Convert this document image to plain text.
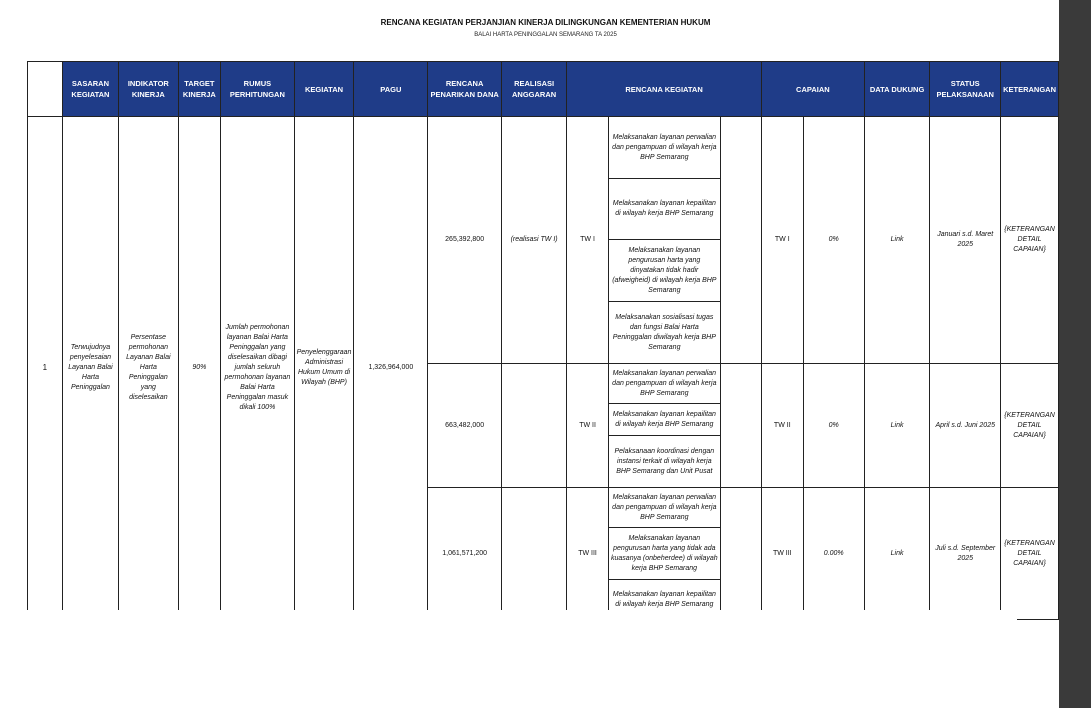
RENCANA KEGIATAN PERJANJIAN KINERJA DILINGKUNGAN KEMENTERIAN HUKUM
BALAI HARTA PENINGGALAN SEMARANG TA 2025
	SASARAN KEGIATAN	INDIKATOR KINERJA	TARGET KINERJA	RUMUS PERHITUNGAN	KEGIATAN	PAGU	RENCANA PENARIKAN DANA	REALISASI ANGGARAN	RENCANA KEGIATAN			CAPAIAN		DATA DUKUNG	STATUS PELAKSANAAN	KETERANGAN
1	Terwujudnya penyelesaian Layanan Balai Harta Peninggalan	Persentase permohonan Layanan Balai Harta Peninggalan yang diselesaikan	90%	Jumlah permohonan layanan Balai Harta Peninggalan yang diselesaikan dibagi jumlah seluruh permohonan layanan Balai Harta Peninggalan masuk dikali 100%	Penyelenggaraan Administrasi Hukum Umum di Wilayah (BHP)	1,326,964,000	265,392,800	(realisasi TW I)	TW I	Melaksanakan layanan perwalian dan pengampuan di wilayah kerja BHP Semarang		TW I	0%	Link	Januari s.d. Maret 2025	{KETERANGAN DETAIL CAPAIAN}
										Melaksanakan layanan kepailitan di wilayah kerja BHP Semarang						
										Melaksanakan layanan pengurusan harta yang dinyatakan tidak hadir (afweigheid) di wilayah kerja BHP Semarang						
										Melaksanakan sosialisasi tugas dan fungsi Balai Harta Peninggalan diwilayah kerja BHP Semarang						
							663,482,000		TW II	Melaksanakan layanan perwalian dan pengampuan di wilayah kerja BHP Semarang		TW II	0%	Link	April s.d. Juni 2025	{KETERANGAN DETAIL CAPAIAN}
										Melaksanakan layanan kepailitan di wilayah kerja BHP Semarang						
										Pelaksanaan koordinasi dengan instansi terkait di wilayah kerja BHP Semarang dan Unit Pusat						
							1,061,571,200		TW III	Melaksanakan layanan perwalian dan pengampuan di wilayah kerja BHP Semarang		TW III	0.00%	Link	Juli s.d. September 2025	{KETERANGAN DETAIL CAPAIAN}
										Melaksanakan layanan pengurusan harta yang tidak ada kuasanya (onbeherdee) di wilayah kerja BHP Semarang						
										Melaksanakan layanan kepailitan di wilayah kerja BHP Semarang						
